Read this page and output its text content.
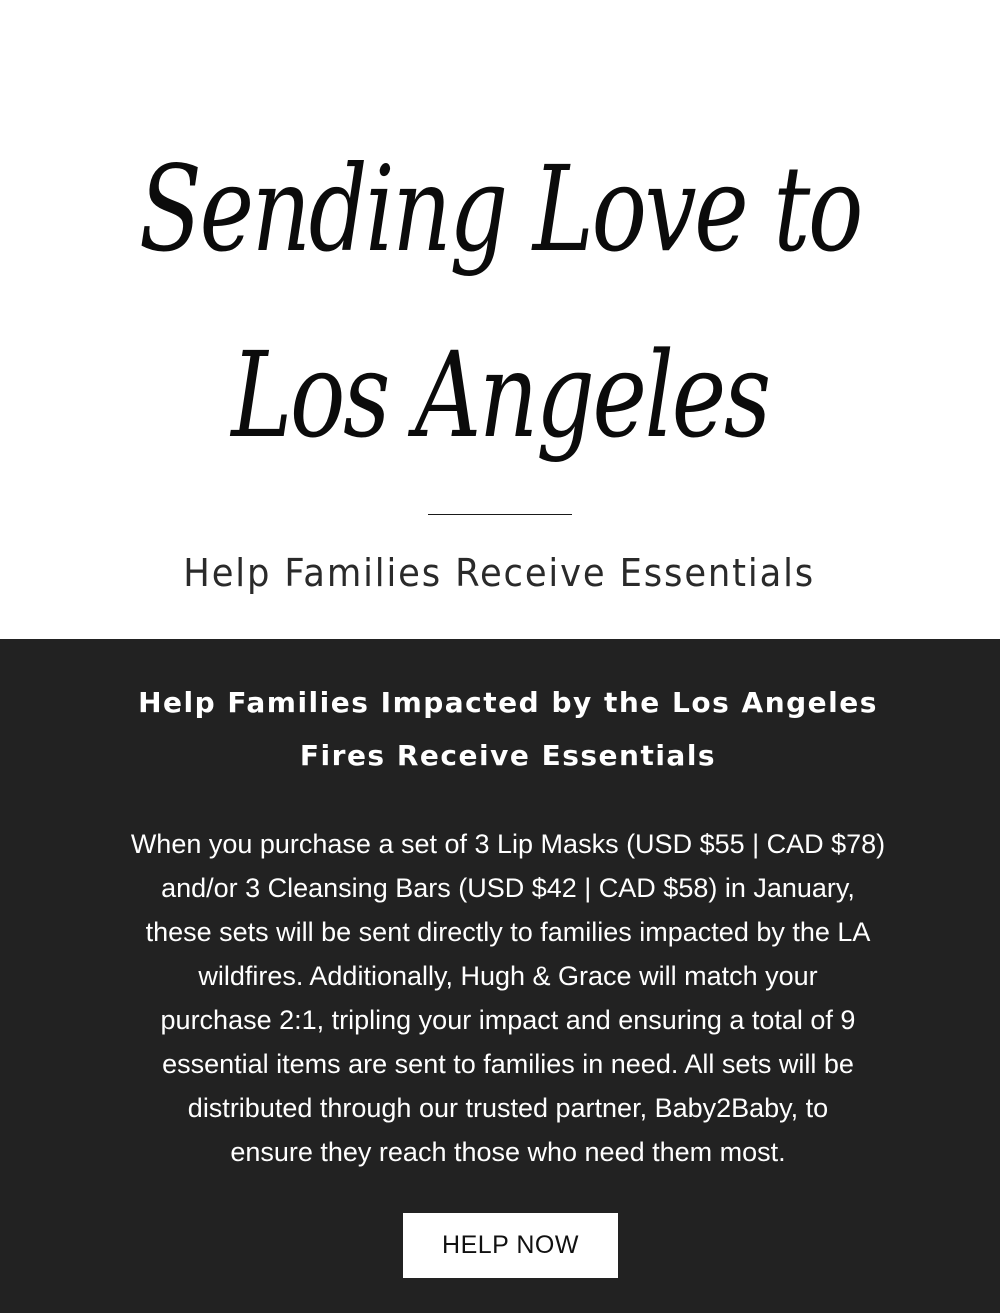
Sending Love to
Los Angeles
Help Families Receive Essentials
Help Families Impacted by the Los Angeles
Fires Receive Essentials

When you purchase a set of 3 Lip Masks (USD $55 | CAD $78)
and/or 3 Cleansing Bars (USD $42 | CAD $58) in January,
these sets will be sent directly to families impacted by the LA
wildfires. Additionally, Hugh & Grace will match your
purchase 2:1, tripling your impact and ensuring a total of 9
essential items are sent to families in need. All sets will be
distributed through our trusted partner, Baby2Baby, to
ensure they reach those who need them most.

HELP NOW
